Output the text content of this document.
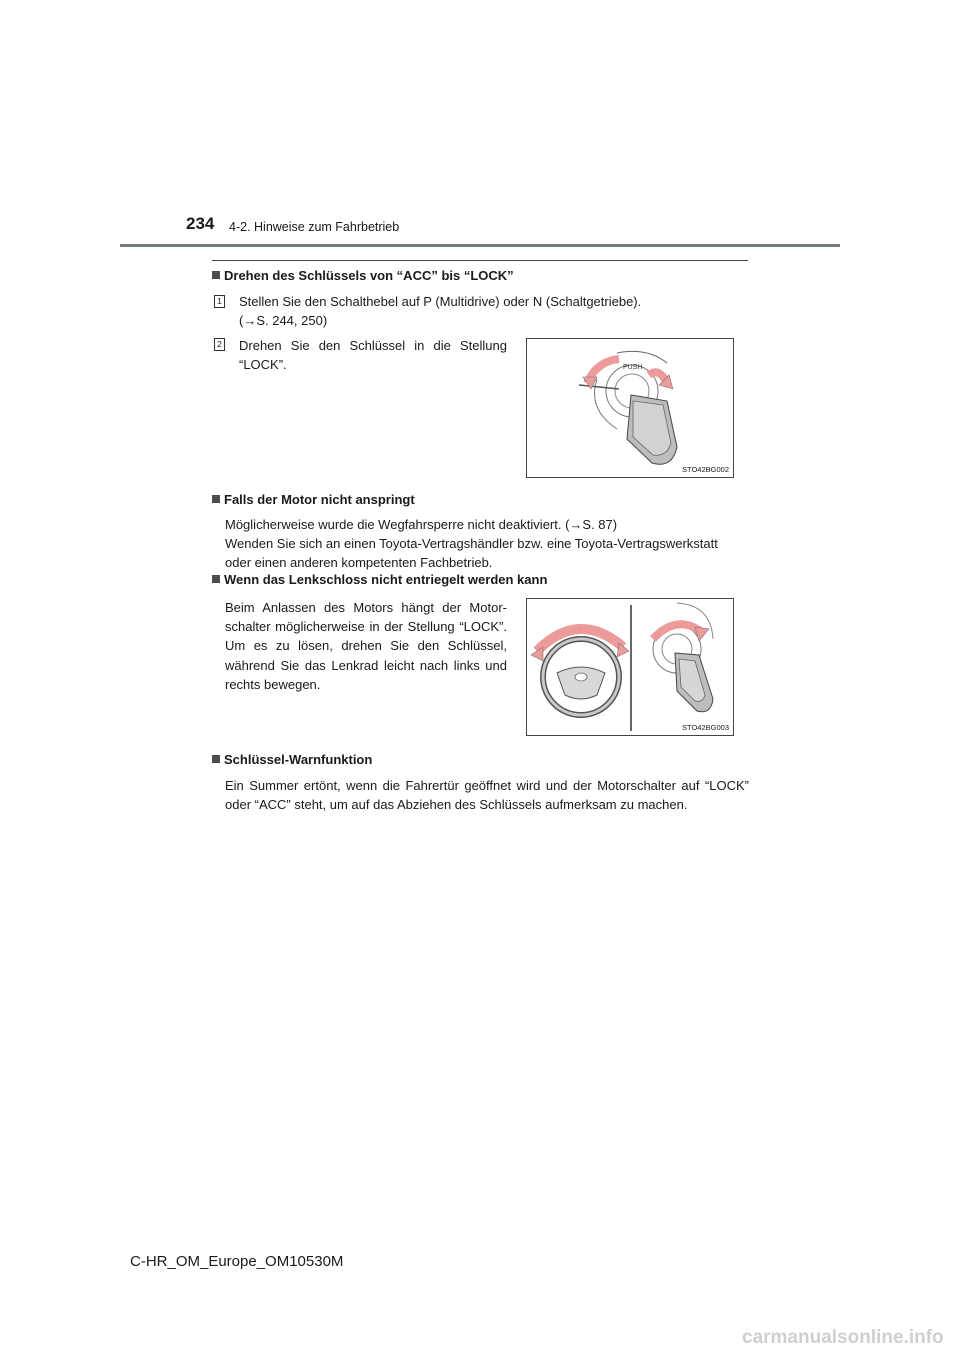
234 4-2. Hinweise zum Fahrbetrieb
Drehen des Schlüssels von “ACC” bis “LOCK”
1 Stellen Sie den Schalthebel auf P (Multidrive) oder N (Schaltgetriebe).
(→S. 244, 250)
2 Drehen Sie den Schlüssel in die Stellung “LOCK”.	PUSH
STO42BG002
Falls der Motor nicht anspringt
Möglicherweise wurde die Wegfahrsperre nicht deaktiviert. (→S. 87)
Wenden Sie sich an einen Toyota-Vertragshändler bzw. eine Toyota-Vertragswerkstatt
oder einen anderen kompetenten Fachbetrieb.
Wenn das Lenkschloss nicht entriegelt werden kann
Beim Anlassen des Motors hängt der Motor-schalter möglicherweise in der Stellung “LOCK”. Um es zu lösen, drehen Sie den Schlüssel, während Sie das Lenkrad leicht nach links und rechts bewegen.
STO42BG003
Schlüssel-Warnfunktion
Ein Summer ertönt, wenn die Fahrertür geöffnet wird und der Motorschalter auf “LOCK” oder “ACC” steht, um auf das Abziehen des Schlüssels aufmerksam zu machen.
C-HR_OM_Europe_OM10530M
carmanualsonline.info
